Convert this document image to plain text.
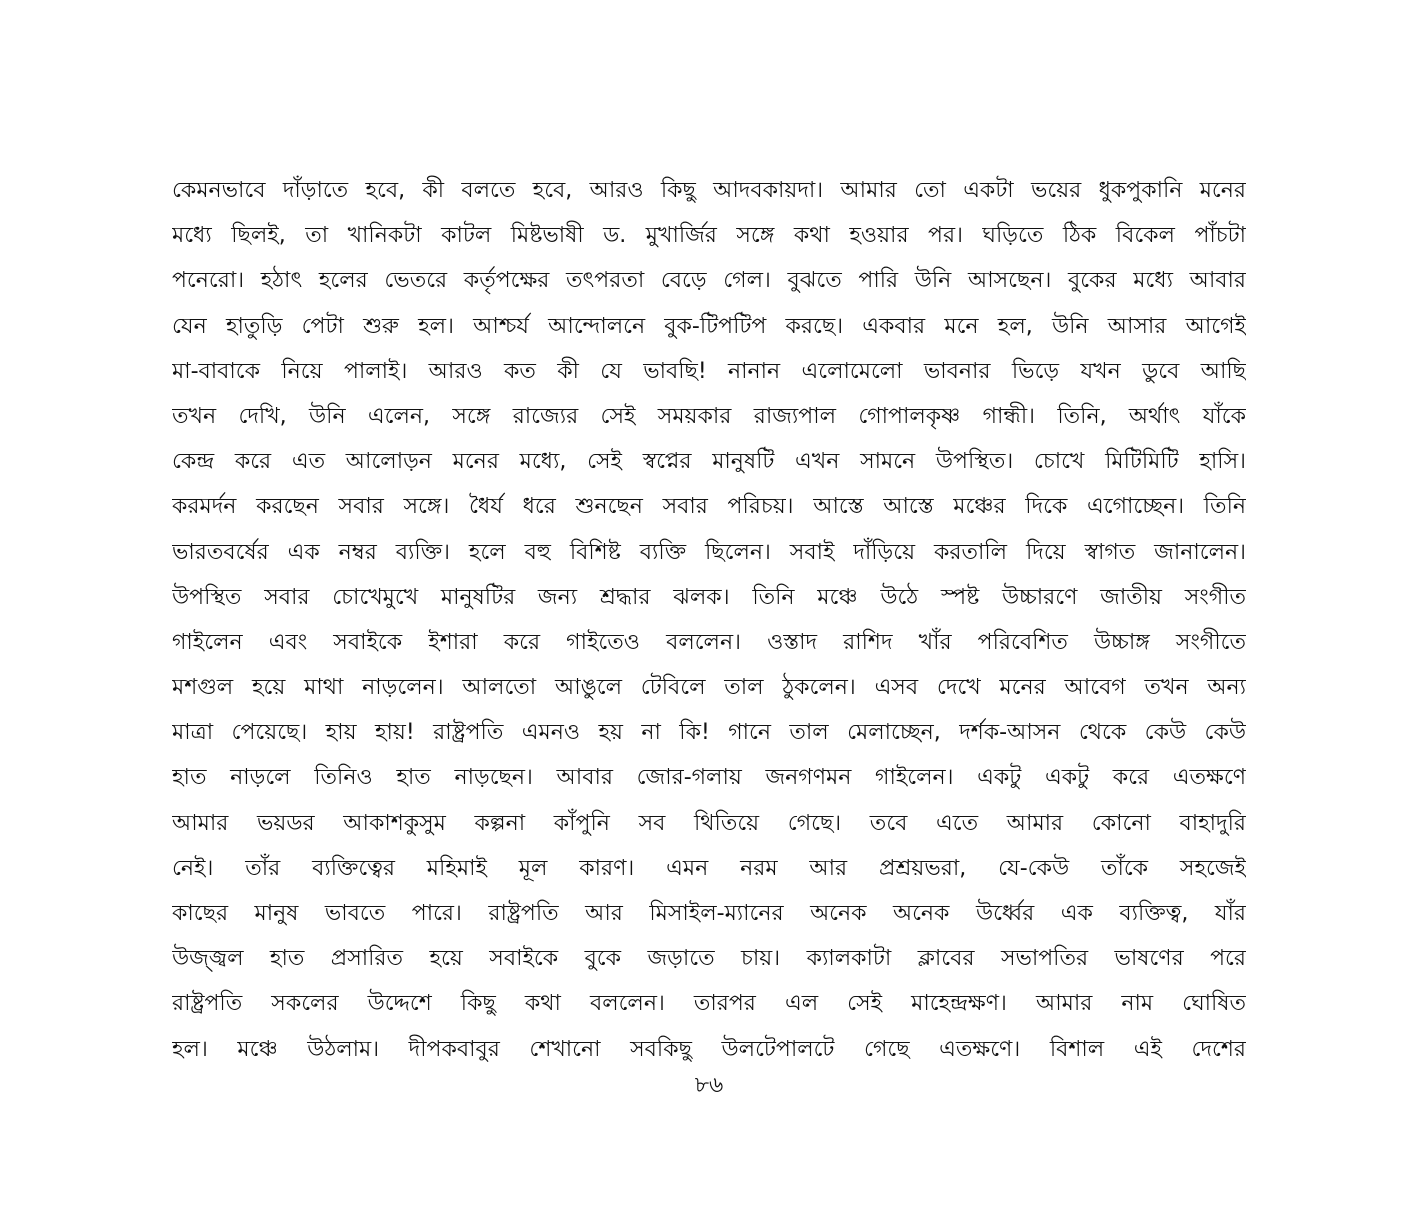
কেমনভাবে দাঁড়াতে হবে, কী বলতে হবে, আরও কিছু আদবকায়দা। আমার তো একটা ভয়ের ধুকপুকানি মনের
মধ্যে ছিলই, তা খানিকটা কাটল মিষ্টভাষী ড. মুখার্জির সঙ্গে কথা হওয়ার পর। ঘড়িতে ঠিক বিকেল পাঁচটা
পনেরো। হঠাৎ হলের ভেতরে কর্তৃপক্ষের তৎপরতা বেড়ে গেল। বুঝতে পারি উনি আসছেন। বুকের মধ্যে আবার
যেন হাতুড়ি পেটা শুরু হল। আশ্চর্য আন্দোলনে বুক-টিপটিপ করছে। একবার মনে হল, উনি আসার আগেই
মা-বাবাকে নিয়ে পালাই। আরও কত কী যে ভাবছি! নানান এলোমেলো ভাবনার ভিড়ে যখন ডুবে আছি
তখন দেখি, উনি এলেন, সঙ্গে রাজ্যের সেই সময়কার রাজ্যপাল গোপালকৃষ্ণ গান্ধী। তিনি, অর্থাৎ যাঁকে
কেন্দ্র করে এত আলোড়ন মনের মধ্যে, সেই স্বপ্নের মানুষটি এখন সামনে উপস্থিত। চোখে মিটিমিটি হাসি।
করমর্দন করছেন সবার সঙ্গে। ধৈর্য ধরে শুনছেন সবার পরিচয়। আস্তে আস্তে মঞ্চের দিকে এগোচ্ছেন। তিনি
ভারতবর্ষের এক নম্বর ব্যক্তি। হলে বহু বিশিষ্ট ব্যক্তি ছিলেন। সবাই দাঁড়িয়ে করতালি দিয়ে স্বাগত জানালেন।
উপস্থিত সবার চোখেমুখে মানুষটির জন্য শ্রদ্ধার ঝলক। তিনি মঞ্চে উঠে স্পষ্ট উচ্চারণে জাতীয় সংগীত
গাইলেন এবং সবাইকে ইশারা করে গাইতেও বললেন। ওস্তাদ রাশিদ খাঁর পরিবেশিত উচ্চাঙ্গ সংগীতে
মশগুল হয়ে মাথা নাড়লেন। আলতো আঙুলে টেবিলে তাল ঠুকলেন। এসব দেখে মনের আবেগ তখন অন্য
মাত্রা পেয়েছে। হায় হায়! রাষ্ট্রপতি এমনও হয় না কি! গানে তাল মেলাচ্ছেন, দর্শক-আসন থেকে কেউ কেউ
হাত নাড়লে তিনিও হাত নাড়ছেন। আবার জোর-গলায় জনগণমন গাইলেন। একটু একটু করে এতক্ষণে
আমার ভয়ডর আকাশকুসুম কল্পনা কাঁপুনি সব থিতিয়ে গেছে। তবে এতে আমার কোনো বাহাদুরি
নেই। তাঁর ব্যক্তিত্বের মহিমাই মূল কারণ। এমন নরম আর প্রশ্রয়ভরা, যে-কেউ তাঁকে সহজেই
কাছের মানুষ ভাবতে পারে। রাষ্ট্রপতি আর মিসাইল-ম্যানের অনেক অনেক উর্ধ্বের এক ব্যক্তিত্ব, যাঁর
উজ্জ্বল হাত প্রসারিত হয়ে সবাইকে বুকে জড়াতে চায়। ক্যালকাটা ক্লাবের সভাপতির ভাষণের পরে
রাষ্ট্রপতি সকলের উদ্দেশে কিছু কথা বললেন। তারপর এল সেই মাহেন্দ্রক্ষণ। আমার নাম ঘোষিত
হল। মঞ্চে উঠলাম। দীপকবাবুর শেখানো সবকিছু উলটেপালটে গেছে এতক্ষণে। বিশাল এই দেশের
৮৬
